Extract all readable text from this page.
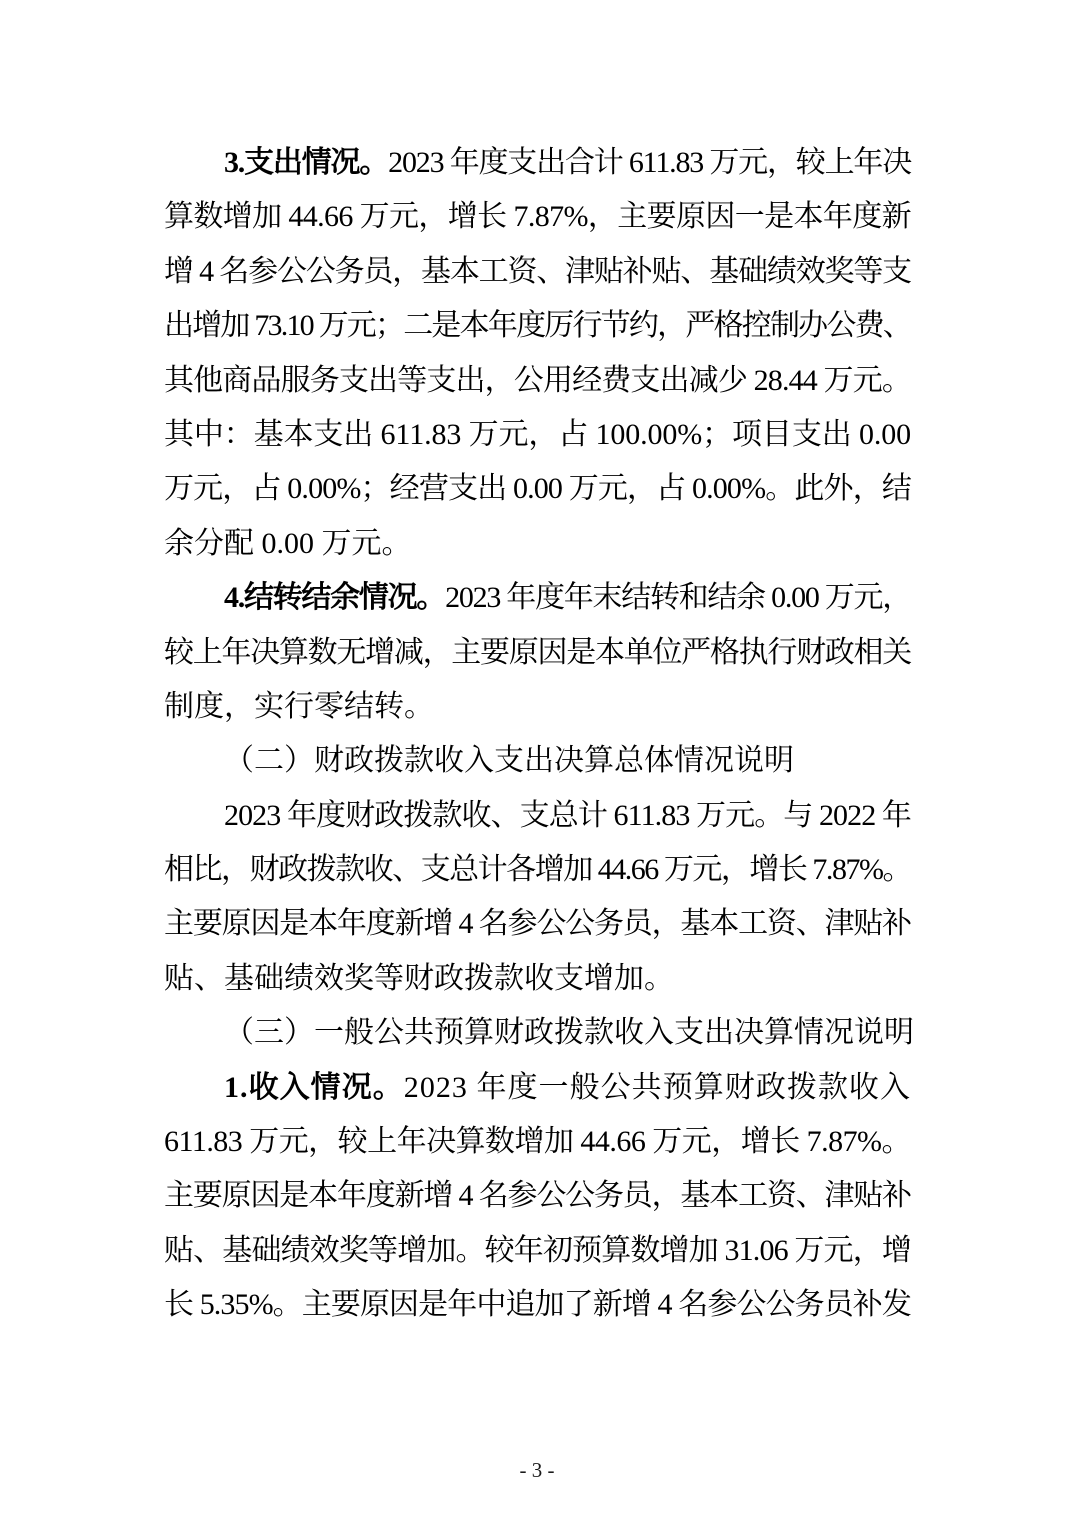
3.支出情况。2023 年度支出合计 611.83 万元，较上年决

算数增加 44.66 万元，增长 7.87%，主要原因一是本年度新

增 4 名参公公务员，基本工资、津贴补贴、基础绩效奖等支

出增加 73.10 万元；二是本年度厉行节约，严格控制办公费、

其他商品服务支出等支出，公用经费支出减少 28.44 万元。

其中：基本支出 611.83 万元，占 100.00%；项目支出 0.00

万元，占 0.00%；经营支出 0.00 万元，占 0.00%。此外，结

余分配 0.00 万元。

4.结转结余情况。2023 年度年末结转和结余 0.00 万元，

较上年决算数无增减，主要原因是本单位严格执行财政相关

制度，实行零结转。

（二）财政拨款收入支出决算总体情况说明

2023 年度财政拨款收、支总计 611.83 万元。与 2022 年

相比，财政拨款收、支总计各增加 44.66 万元，增长 7.87%。

主要原因是本年度新增 4 名参公公务员，基本工资、津贴补

贴、基础绩效奖等财政拨款收支增加。

（三）一般公共预算财政拨款收入支出决算情况说明

1.收入情况。2023 年度一般公共预算财政拨款收入

611.83 万元，较上年决算数增加 44.66 万元，增长 7.87%。

主要原因是本年度新增 4 名参公公务员，基本工资、津贴补

贴、基础绩效奖等增加。较年初预算数增加 31.06 万元，增

长 5.35%。主要原因是年中追加了新增 4 名参公公务员补发

- 3 -
